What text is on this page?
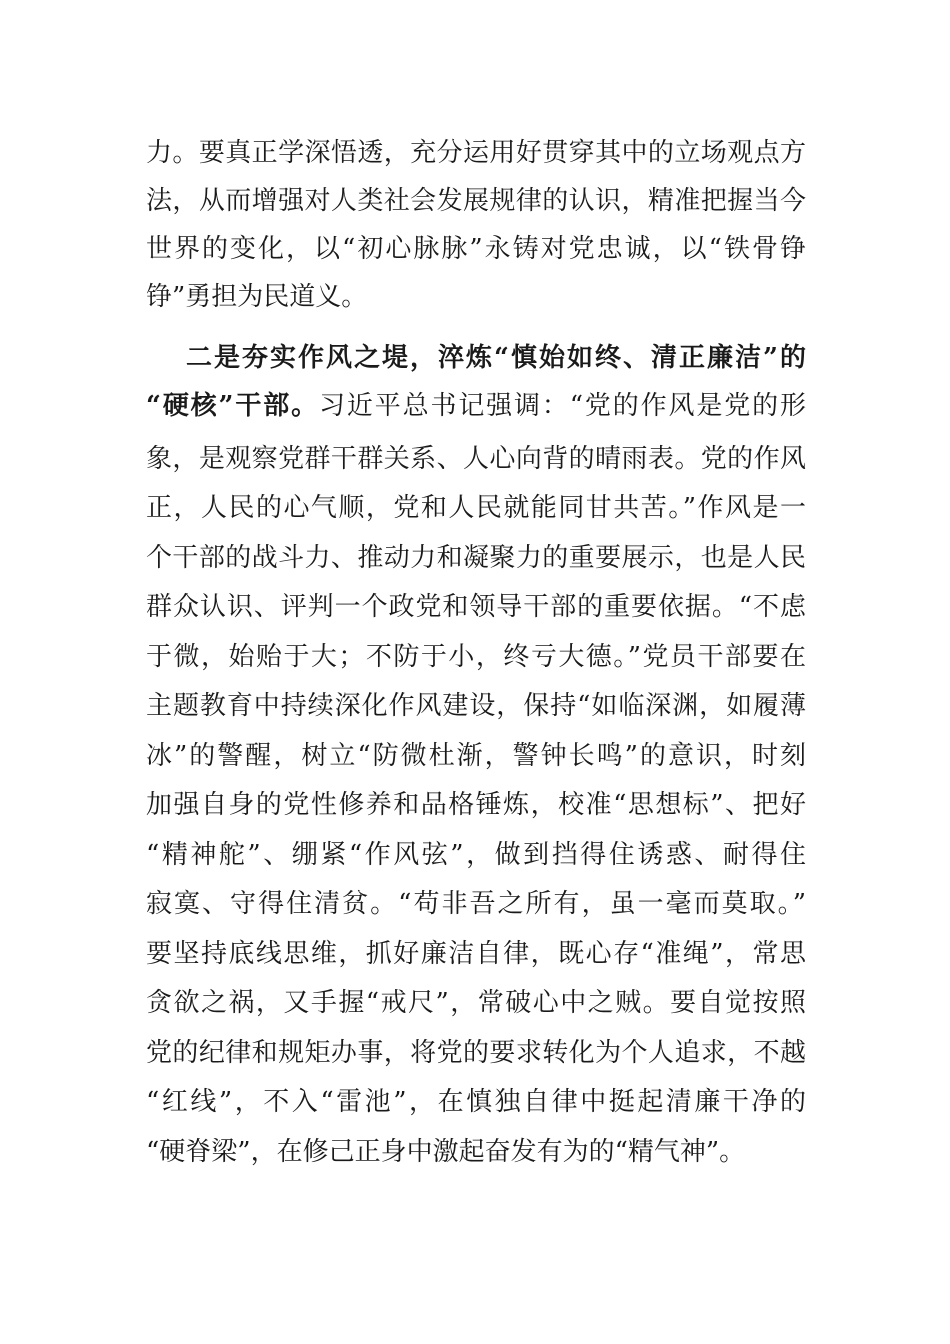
力。要真正学深悟透，充分运用好贯穿其中的立场观点方
法，从而增强对人类社会发展规律的认识，精准把握当今
世界的变化，以“初心脉脉”永铸对党忠诚，以“铁骨铮
铮”勇担为民道义。
二是夯实作风之堤，淬炼“慎始如终、清正廉洁”的
“硬核”干部。习近平总书记强调：“党的作风是党的形
象，是观察党群干群关系、人心向背的晴雨表。党的作风
正，人民的心气顺，党和人民就能同甘共苦。”作风是一
个干部的战斗力、推动力和凝聚力的重要展示，也是人民
群众认识、评判一个政党和领导干部的重要依据。“不虑
于微，始贻于大；不防于小，终亏大德。”党员干部要在
主题教育中持续深化作风建设，保持“如临深渊，如履薄
冰”的警醒，树立“防微杜渐，警钟长鸣”的意识，时刻
加强自身的党性修养和品格锤炼，校准“思想标”、把好
“精神舵”、绷紧“作风弦”，做到挡得住诱惑、耐得住
寂寞、守得住清贫。“苟非吾之所有，虽一毫而莫取。”
要坚持底线思维，抓好廉洁自律，既心存“准绳”，常思
贪欲之祸，又手握“戒尺”，常破心中之贼。要自觉按照
党的纪律和规矩办事，将党的要求转化为个人追求，不越
“红线”，不入“雷池”，在慎独自律中挺起清廉干净的
“硬脊梁”，在修己正身中激起奋发有为的“精气神”。
